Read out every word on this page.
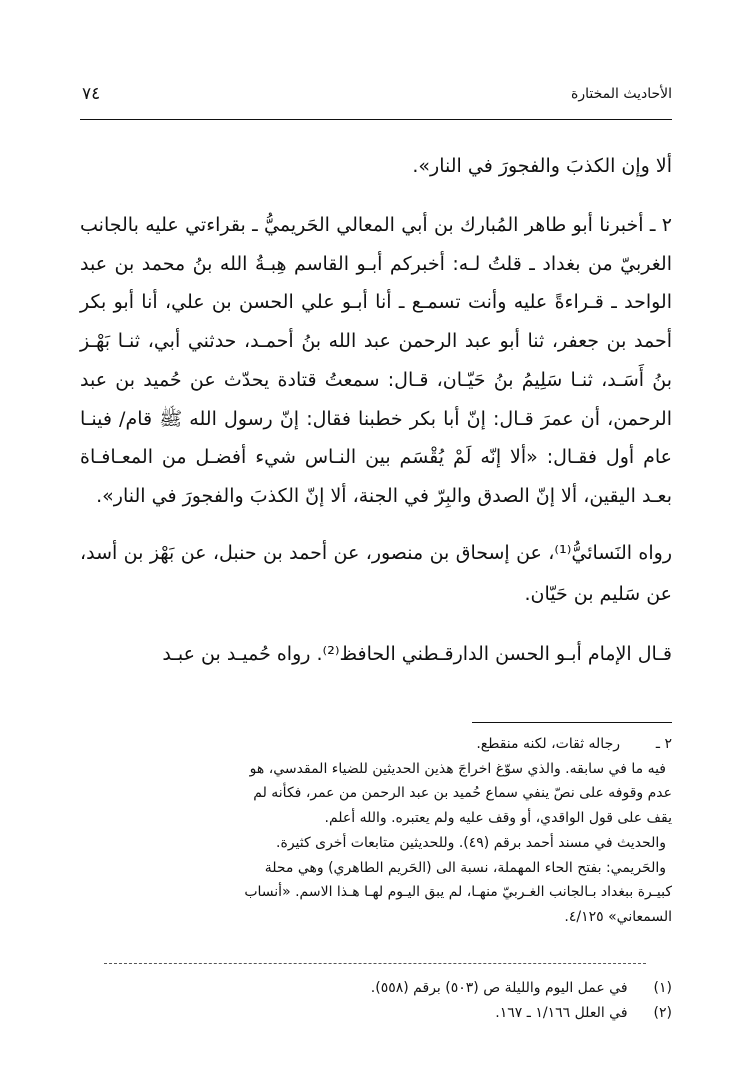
٧٤	الأحاديث المختارة

ألا وإن الكذبَ والفجورَ في النار».

٢ ـ أخبرنا أبو طاهر المُبارك بن أبي المعالي الحَريميُّ ـ بقراءتي عليه بالجانب الغربيّ من بغداد ـ قلتُ لـه: أخبركم أبـو القاسم هِبـةُ الله بنُ محمد بن عبد الواحد ـ قـراءةً عليه وأنت تسمـع ـ أنا أبـو علي الحسن بن علي، أنا أبو بكر أحمد بن جعفر، ثنا أبو عبد الرحمن عبد الله بنُ أحمـد، حدثني أبي، ثنـا بَهْـز بنُ أَسَـد، ثنـا سَلِيمُ بنُ حَيّـان، قـال: سمعتُ قتادة يحدّث عن حُميد بن عبد الرحمن، أن عمرَ قـال: إنّ أبا بكر خطبنا فقال: إنّ رسول الله ﷺ قام/ فينـا عام أول فقـال: «ألا إنّه لَمْ يُقْسَم بين النـاس شيء أفضـل من المعـافـاة بعـد اليقين، ألا إنّ الصدق والبِرّ في الجنة، ألا إنّ الكذبَ والفجورَ في النار».

رواه النَسائيُّ⁽¹⁾، عن إسحاق بن منصور، عن أحمد بن حنبل، عن بَهْز بن أسد، عن سَليم بن حَيّان.

قـال الإمام أبـو الحسن الدارقـطني الحافظ⁽²⁾. رواه حُميـد بن عبـد

٢ ـ
رجاله ثقات، لكنه منقطع.
فيه ما في سابقه. والذي سوّغ اخراجَ هذين الحديثين للضياء المقدسي، هو
عدم وقوفه على نصّ ينفي سماع حُميد بن عبد الرحمن من عمر، فكأنه لم
يقف على قول الواقدي، أو وقف عليه ولم يعتبره. والله أعلم.
والحديث في مسند أحمد برقم (٤٩). وللحديثين متابعات أخرى كثيرة.
والحَريمي: بفتح الحاء المهملة، نسبة الى (الحَريم الطاهري) وهي محلة
كبيـرة ببغداد بـالجانب الغـربيّ منهـا، لم يبق اليـوم لهـا هـذا الاسم. «أنساب
السمعاني» ٤/١٢٥.
(١) في عمل اليوم والليلة ص (٥٠٣) برقم (٥٥٨).
(٢) في العلل ١/١٦٦ ـ ١٦٧.
